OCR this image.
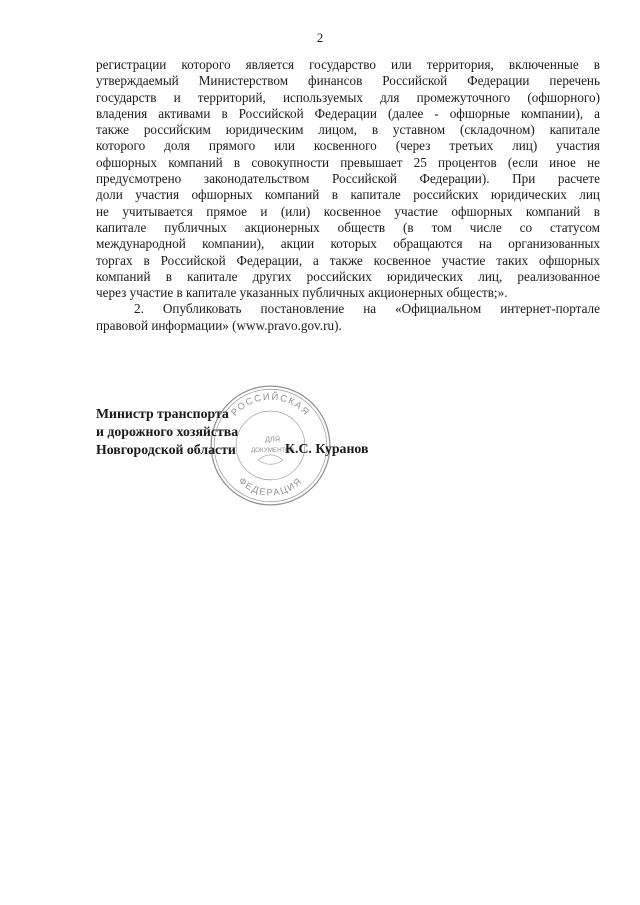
2
регистрации которого является государство или территория, включенные в
утверждаемый Министерством финансов Российской Федерации перечень
государств и территорий, используемых для промежуточного (офшорного)
владения активами в Российской Федерации (далее - офшорные компании), а
также российским юридическим лицом, в уставном (складочном) капитале
которого доля прямого или косвенного (через третьих лиц) участия
офшорных компаний в совокупности превышает 25 процентов (если иное не
предусмотрено законодательством Российской Федерации). При расчете
доли участия офшорных компаний в капитале российских юридических лиц
не учитывается прямое и (или) косвенное участие офшорных компаний в
капитале публичных акционерных обществ (в том числе со статусом
международной компании), акции которых обращаются на организованных
торгах в Российской Федерации, а также косвенное участие таких офшорных
компаний в капитале других российских юридических лиц, реализованное
через участие в капитале указанных публичных акционерных обществ;».
2. Опубликовать постановление на «Официальном интернет-портале
правовой информации» (www.pravo.gov.ru).
РОССИЙСКАЯ
ФЕДЕРАЦИЯ
ДЛЯ
ДОКУМЕНТОВ
Министр транспорта
и дорожного хозяйства
Новгородской области	К.С. Куранов
